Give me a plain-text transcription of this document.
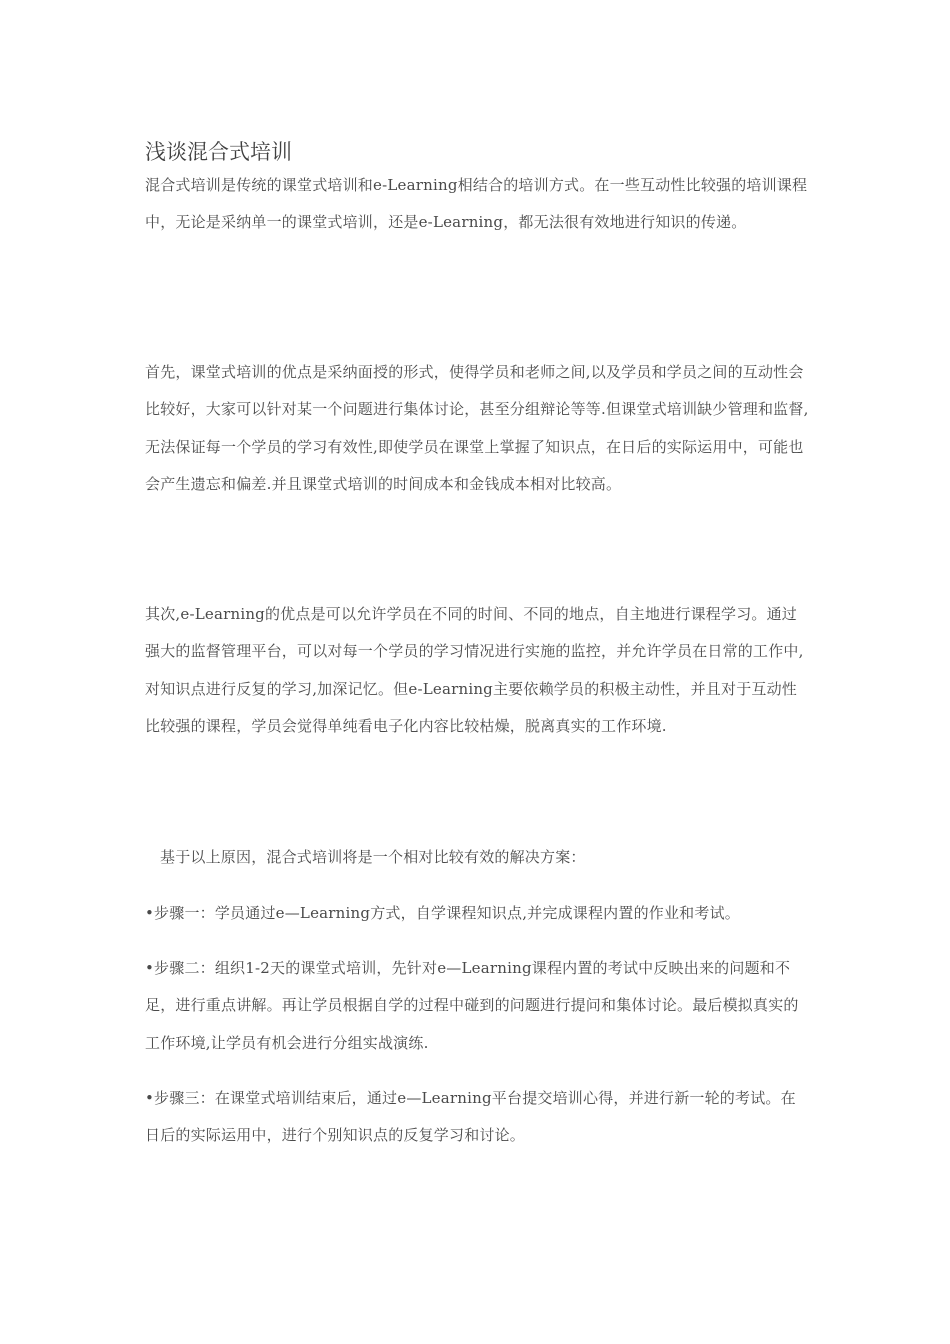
浅谈混合式培训

混合式培训是传统的课堂式培训和e-Learning相结合的培训方式。在一些互动性比较强的培训课程中，无论是采纳单一的课堂式培训，还是e-Learning，都无法很有效地进行知识的传递。

首先，课堂式培训的优点是采纳面授的形式，使得学员和老师之间,以及学员和学员之间的互动性会比较好，大家可以针对某一个问题进行集体讨论，甚至分组辩论等等.但课堂式培训缺少管理和监督,无法保证每一个学员的学习有效性,即使学员在课堂上掌握了知识点，在日后的实际运用中，可能也会产生遗忘和偏差.并且课堂式培训的时间成本和金钱成本相对比较高。

其次,e-Learning的优点是可以允许学员在不同的时间、不同的地点，自主地进行课程学习。通过强大的监督管理平台，可以对每一个学员的学习情况进行实施的监控，并允许学员在日常的工作中,对知识点进行反复的学习,加深记忆。但e-Learning主要依赖学员的积极主动性，并且对于互动性比较强的课程，学员会觉得单纯看电子化内容比较枯燥，脱离真实的工作环境.

基于以上原因，混合式培训将是一个相对比较有效的解决方案：

•步骤一：学员通过e—Learning方式，自学课程知识点,并完成课程内置的作业和考试。

•步骤二：组织1-2天的课堂式培训，先针对e—Learning课程内置的考试中反映出来的问题和不足，进行重点讲解。再让学员根据自学的过程中碰到的问题进行提问和集体讨论。最后模拟真实的工作环境,让学员有机会进行分组实战演练.

•步骤三：在课堂式培训结束后，通过e—Learning平台提交培训心得，并进行新一轮的考试。在日后的实际运用中，进行个别知识点的反复学习和讨论。
